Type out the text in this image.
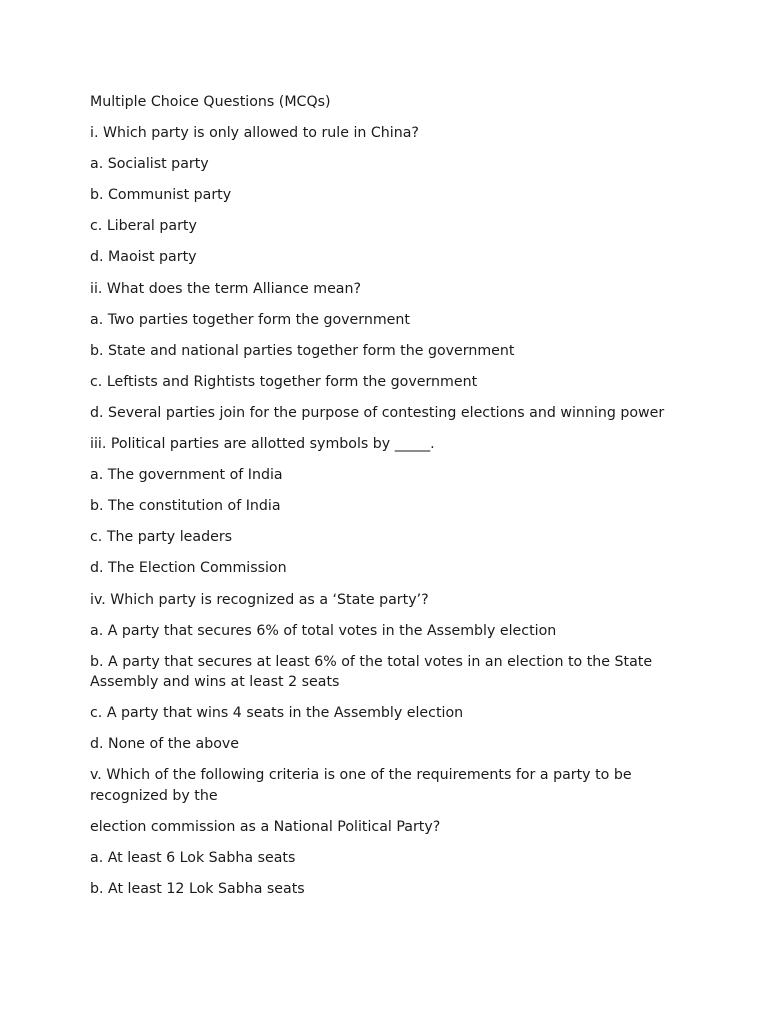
Multiple Choice Questions (MCQs)
i. Which party is only allowed to rule in China?
a. Socialist party
b. Communist party
c. Liberal party
d. Maoist party
ii. What does the term Alliance mean?
a. Two parties together form the government
b. State and national parties together form the government
c. Leftists and Rightists together form the government
d. Several parties join for the purpose of contesting elections and winning power
iii. Political parties are allotted symbols by _____.
a. The government of India
b. The constitution of India
c. The party leaders
d. The Election Commission
iv. Which party is recognized as a ‘State party’?
a. A party that secures 6% of total votes in the Assembly election
b. A party that secures at least 6% of the total votes in an election to the State Assembly and wins at least 2 seats
c. A party that wins 4 seats in the Assembly election
d. None of the above
v. Which of the following criteria is one of the requirements for a party to be recognized by the
election commission as a National Political Party?
a. At least 6 Lok Sabha seats
b. At least 12 Lok Sabha seats
